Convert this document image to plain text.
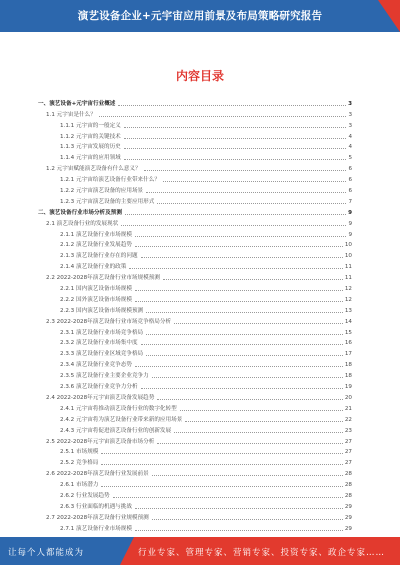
演艺设备企业+元宇宙应用前景及布局策略研究报告
内容目录
一、演艺设备+元宇宙行业概述	3
1.1 元宇宙是什么？	3
1.1.1 元宇宙的一般定义	3
1.1.2 元宇宙的关键技术	4
1.1.3 元宇宙发展的历史	4
1.1.4 元宇宙的应用领域	5
1.2 元宇宙赋能演艺设备有什么意义？	6
1.2.1 元宇宙给演艺设备行业带来什么？	6
1.2.2 元宇宙演艺设备的应用场景	6
1.2.3 元宇宙演艺设备的主要应用形式	7
二、演艺设备行业市场分析及预测	9
2.1 演艺设备行业的发展现状	9
2.1.1 演艺设备行业市场规模	9
2.1.2 演艺设备行业发展趋势	10
2.1.3 演艺设备行业存在的问题	10
2.1.4 演艺设备行业的政策	11
2.2 2022-2028年演艺设备行业市场规模预测	11
2.2.1 国内演艺设备市场规模	12
2.2.2 国外演艺设备市场规模	12
2.2.3 国内演艺设备市场规模预测	13
2.3 2022-2028年演艺设备行业市场竞争格局分析	14
2.3.1 演艺设备行业市场竞争格局	15
2.3.2 演艺设备行业市场集中度	16
2.3.3 演艺设备行业区域竞争格局	17
2.3.4 演艺设备行业竞争态势	18
2.3.5 演艺设备行业主要企业竞争力	18
2.3.6 演艺设备行业竞争力分析	19
2.4 2022-2028年元宇宙演艺设备发展趋势	20
2.4.1 元宇宙将推动演艺设备行业的数字化转型	21
2.4.2 元宇宙将为演艺设备行业带来新的应用场景	22
2.4.3 元宇宙将促进演艺设备行业的创新发展	23
2.5 2022-2028年元宇宙演艺设备市场分析	27
2.5.1 市场规模	27
2.5.2 竞争格局	27
2.6 2022-2028年演艺设备行业发展前景	28
2.6.1 市场潜力	28
2.6.2 行业发展趋势	28
2.6.3 行业面临的机遇与挑战	29
2.7 2022-2028年演艺设备行业规模预测	29
2.7.1 演艺设备行业市场规模	29
让每个人都能成为	行业专家、管理专家、营销专家、投资专家、政企专家……
